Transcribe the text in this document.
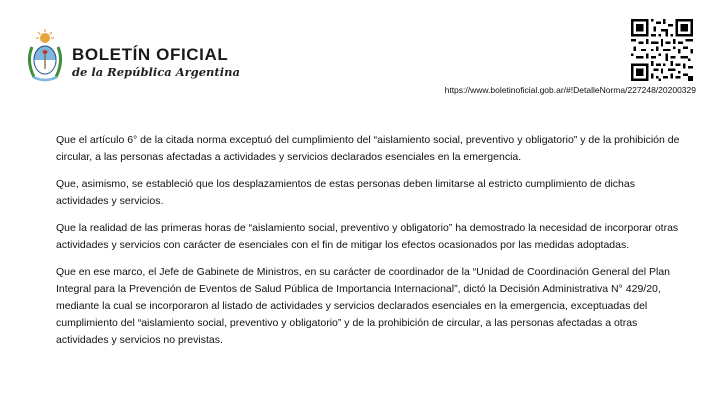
BOLETÍN OFICIAL
de la República Argentina
https://www.boletinoficial.gob.ar/#!DetalleNorma/227248/20200329

Que el artículo 6° de la citada norma exceptuó del cumplimiento del “aislamiento social, preventivo y obligatorio” y de la prohibición de circular, a las personas afectadas a actividades y servicios declarados esenciales en la emergencia.

Que, asimismo, se estableció que los desplazamientos de estas personas deben limitarse al estricto cumplimiento de dichas actividades y servicios.

Que la realidad de las primeras horas de “aislamiento social, preventivo y obligatorio” ha demostrado la necesidad de incorporar otras actividades y servicios con carácter de esenciales con el fin de mitigar los efectos ocasionados por las medidas adoptadas.

Que en ese marco, el Jefe de Gabinete de Ministros, en su carácter de coordinador de la “Unidad de Coordinación General del Plan Integral para la Prevención de Eventos de Salud Pública de Importancia Internacional”, dictó la Decisión Administrativa N° 429/20, mediante la cual se incorporaron al listado de actividades y servicios declarados esenciales en la emergencia, exceptuadas del cumplimiento del “aislamiento social, preventivo y obligatorio” y de la prohibición de circular, a las personas afectadas a otras actividades y servicios no previstas.
